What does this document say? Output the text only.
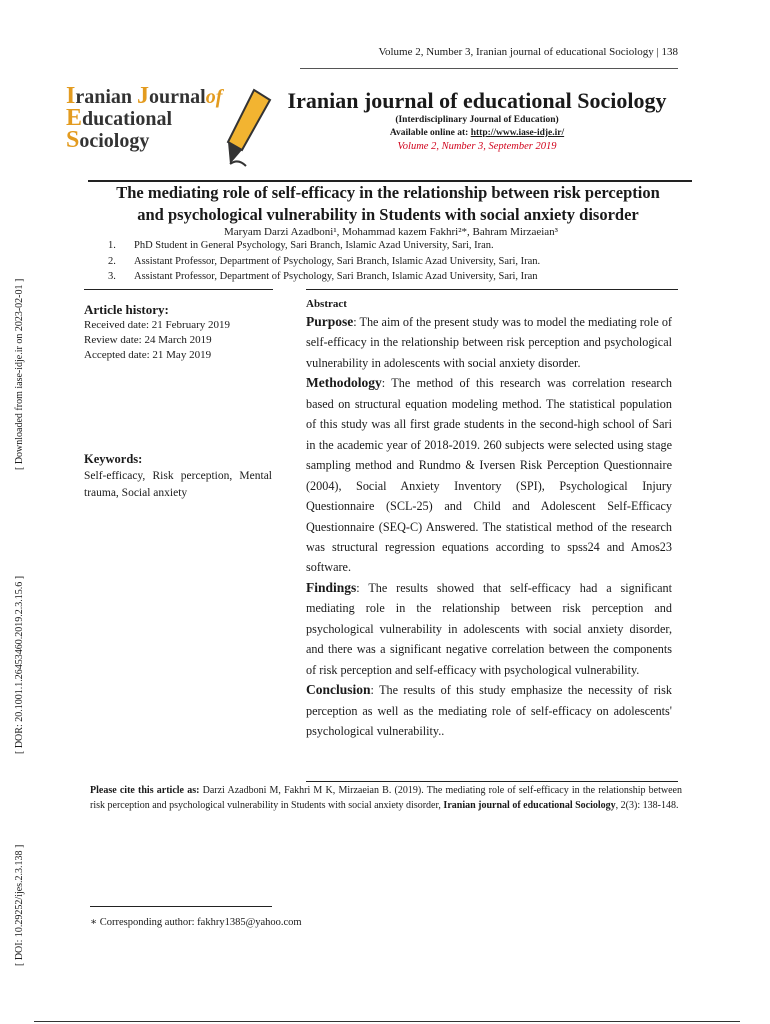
Volume 2, Number 3, Iranian journal of educational Sociology | 138
Iranian Journalof
Educational
Sociology
Iranian journal of educational Sociology
(Interdisciplinary Journal of Education)
Available online at: http://www.iase-idje.ir/
Volume 2, Number 3, September 2019
The mediating role of self-efficacy in the relationship between risk perception
and psychological vulnerability in Students with social anxiety disorder
Maryam Darzi Azadboni¹, Mohammad kazem Fakhri²*, Bahram Mirzaeian³
1. PhD Student in General Psychology, Sari Branch, Islamic Azad University, Sari, Iran.
2. Assistant Professor, Department of Psychology, Sari Branch, Islamic Azad University, Sari, Iran.
3. Assistant Professor, Department of Psychology, Sari Branch, Islamic Azad University, Sari, Iran
Article history:
Received date: 21 February 2019
Review date: 24 March 2019
Accepted date: 21 May 2019
Keywords:
Self-efficacy, Risk perception, Mental trauma, Social anxiety
Abstract

Purpose: The aim of the present study was to model the mediating role of self-efficacy in the relationship between risk perception and psychological vulnerability in adolescents with social anxiety disorder.

Methodology: The method of this research was correlation research based on structural equation modeling method. The statistical population of this study was all first grade students in the second-high school of Sari in the academic year of 2018-2019. 260 subjects were selected using stage sampling method and Rundmo & Iversen Risk Perception Questionnaire (2004), Social Anxiety Inventory (SPI), Psychological Injury Questionnaire (SCL-25) and Child and Adolescent Self-Efficacy Questionnaire (SEQ-C) Answered. The statistical method of the research was structural regression equations according to spss24 and Amos23 software.

Findings: The results showed that self-efficacy had a significant mediating role in the relationship between risk perception and psychological vulnerability in adolescents with social anxiety disorder, and there was a significant negative correlation between the components of risk perception and self-efficacy with psychological vulnerability.

Conclusion: The results of this study emphasize the necessity of risk perception as well as the mediating role of self-efficacy on adolescents' psychological vulnerability..

Please cite this article as: Darzi Azadboni M, Fakhri M K, Mirzaeian B. (2019). The mediating role of self-efficacy in the relationship between risk perception and psychological vulnerability in Students with social anxiety disorder, Iranian journal of educational Sociology, 2(3): 138-148.
∗ Corresponding author: fakhry1385@yahoo.com
[ Downloaded from iase-idje.ir on 2023-02-01 ]
[ DOR: 20.1001.1.26453460.2019.2.3.15.6 ]
[ DOI: 10.29252/ijes.2.3.138 ]
